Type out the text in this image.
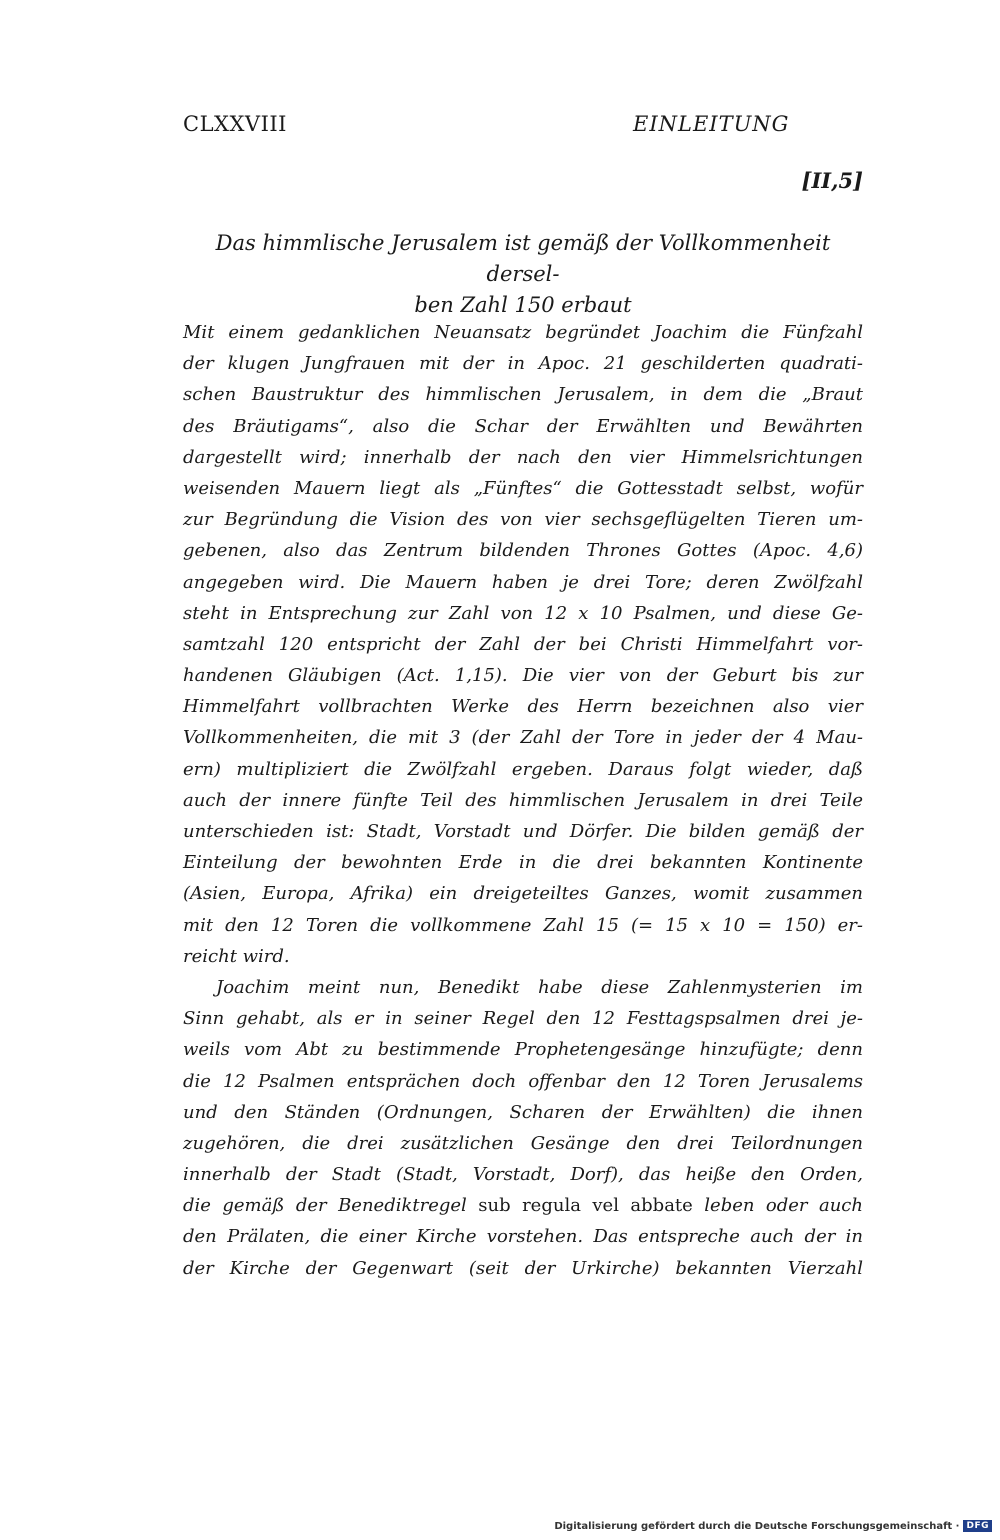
CLXXVIII	EINLEITUNG
[II,5]
Das himmlische Jerusalem ist gemäß der Vollkommenheit dersel-
ben Zahl 150 erbaut
Mit einem gedanklichen Neuansatz begründet Joachim die Fünfzahl
der klugen Jungfrauen mit der in Apoc. 21 geschilderten quadrati-
schen Baustruktur des himmlischen Jerusalem, in dem die „Braut
des Bräutigams“, also die Schar der Erwählten und Bewährten
dargestellt wird; innerhalb der nach den vier Himmelsrichtungen
weisenden Mauern liegt als „Fünftes“ die Gottesstadt selbst, wofür
zur Begründung die Vision des von vier sechsgeflügelten Tieren um-
gebenen, also das Zentrum bildenden Thrones Gottes (Apoc. 4,6)
angegeben wird. Die Mauern haben je drei Tore; deren Zwölfzahl
steht in Entsprechung zur Zahl von 12 x 10 Psalmen, und diese Ge-
samtzahl 120 entspricht der Zahl der bei Christi Himmelfahrt vor-
handenen Gläubigen (Act. 1,15). Die vier von der Geburt bis zur
Himmelfahrt vollbrachten Werke des Herrn bezeichnen also vier
Vollkommenheiten, die mit 3 (der Zahl der Tore in jeder der 4 Mau-
ern) multipliziert die Zwölfzahl ergeben. Daraus folgt wieder, daß
auch der innere fünfte Teil des himmlischen Jerusalem in drei Teile
unterschieden ist: Stadt, Vorstadt und Dörfer. Die bilden gemäß der
Einteilung der bewohnten Erde in die drei bekannten Kontinente
(Asien, Europa, Afrika) ein dreigeteiltes Ganzes, womit zusammen
mit den 12 Toren die vollkommene Zahl 15 (= 15 x 10 = 150) er-
reicht wird.
Joachim meint nun, Benedikt habe diese Zahlenmysterien im
Sinn gehabt, als er in seiner Regel den 12 Festtagspsalmen drei je-
weils vom Abt zu bestimmende Prophetengesänge hinzufügte; denn
die 12 Psalmen entsprächen doch offenbar den 12 Toren Jerusalems
und den Ständen (Ordnungen, Scharen der Erwählten) die ihnen
zugehören, die drei zusätzlichen Gesänge den drei Teilordnungen
innerhalb der Stadt (Stadt, Vorstadt, Dorf), das heiße den Orden,
die gemäß der Benediktregel sub regula vel abbate leben oder auch
den Prälaten, die einer Kirche vorstehen. Das entspreche auch der in
der Kirche der Gegenwart (seit der Urkirche) bekannten Vierzahl
Digitalisierung gefördert durch die Deutsche Forschungsgemeinschaft · DFG
